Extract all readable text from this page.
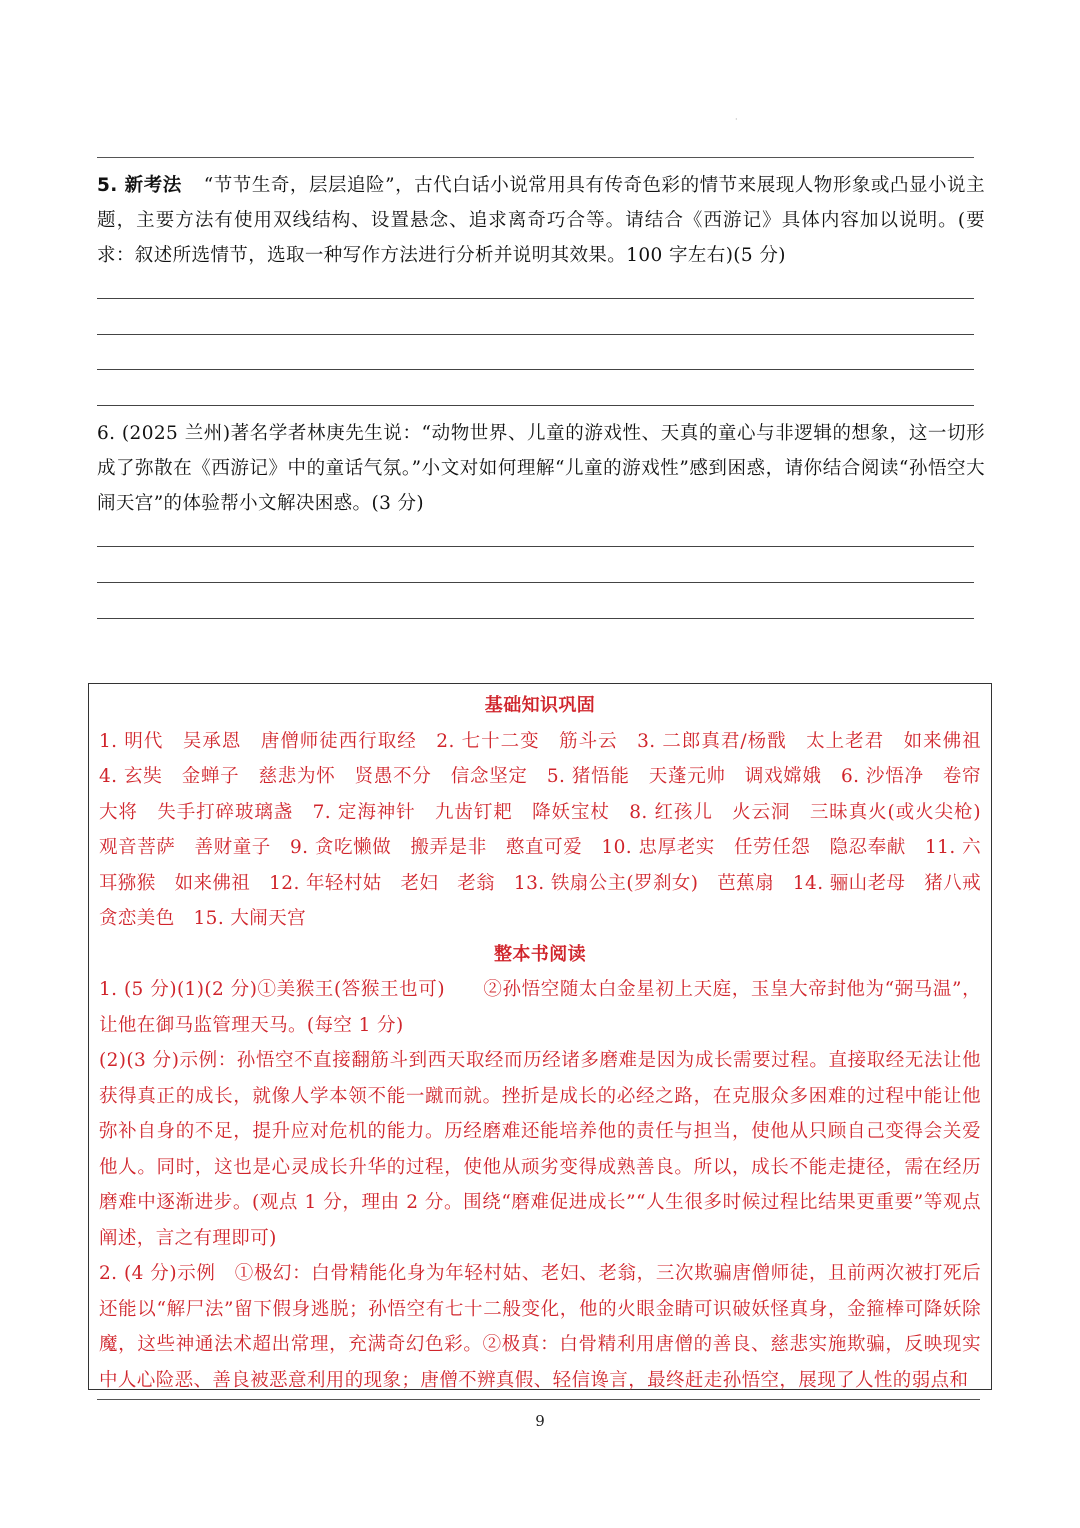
·
5. 新考法 “节节生奇，层层追险”，古代白话小说常用具有传奇色彩的情节来展现人物形象或凸显小说主题，主要方法有使用双线结构、设置悬念、追求离奇巧合等。请结合《西游记》具体内容加以说明。(要求：叙述所选情节，选取一种写作方法进行分析并说明其效果。100 字左右)(5 分)
6. (2025 兰州)著名学者林庚先生说：“动物世界、儿童的游戏性、天真的童心与非逻辑的想象，这一切形成了弥散在《西游记》中的童话气氛。”小文对如何理解“儿童的游戏性”感到困惑，请你结合阅读“孙悟空大闹天宫”的体验帮小文解决困惑。(3 分)
基础知识巩固

1. 明代　吴承恩　唐僧师徒西行取经　2. 七十二变　筋斗云　3. 二郎真君/杨戬　太上老君　如来佛祖　4. 玄奘　金蝉子　慈悲为怀　贤愚不分　信念坚定　5. 猪悟能　天蓬元帅　调戏嫦娥　6. 沙悟净　卷帘大将　失手打碎玻璃盏　7. 定海神针　九齿钉耙　降妖宝杖　8. 红孩儿　火云洞　三昧真火(或火尖枪)　观音菩萨　善财童子　9. 贪吃懒做　搬弄是非　憨直可爱　10. 忠厚老实　任劳任怨　隐忍奉献　11. 六耳猕猴　如来佛祖　12. 年轻村姑　老妇　老翁　13. 铁扇公主(罗刹女)　芭蕉扇　14. 骊山老母　猪八戒　贪恋美色　15. 大闹天宫

整本书阅读

1. (5 分)(1)(2 分)①美猴王(答猴王也可)　　②孙悟空随太白金星初上天庭，玉皇大帝封他为“弼马温”，让他在御马监管理天马。(每空 1 分)

(2)(3 分)示例：孙悟空不直接翻筋斗到西天取经而历经诸多磨难是因为成长需要过程。直接取经无法让他获得真正的成长，就像人学本领不能一蹴而就。挫折是成长的必经之路，在克服众多困难的过程中能让他弥补自身的不足，提升应对危机的能力。历经磨难还能培养他的责任与担当，使他从只顾自己变得会关爱他人。同时，这也是心灵成长升华的过程，使他从顽劣变得成熟善良。所以，成长不能走捷径，需在经历磨难中逐渐进步。(观点 1 分，理由 2 分。围绕“磨难促进成长”“人生很多时候过程比结果更重要”等观点阐述，言之有理即可)

2. (4 分)示例　①极幻：白骨精能化身为年轻村姑、老妇、老翁，三次欺骗唐僧师徒，且前两次被打死后还能以“解尸法”留下假身逃脱；孙悟空有七十二般变化，他的火眼金睛可识破妖怪真身，金箍棒可降妖除魔，这些神通法术超出常理，充满奇幻色彩。②极真：白骨精利用唐僧的善良、慈悲实施欺骗，反映现实中人心险恶、善良被恶意利用的现象；唐僧不辨真假、轻信谗言，最终赶走孙悟空，展现了人性的弱点和

9
